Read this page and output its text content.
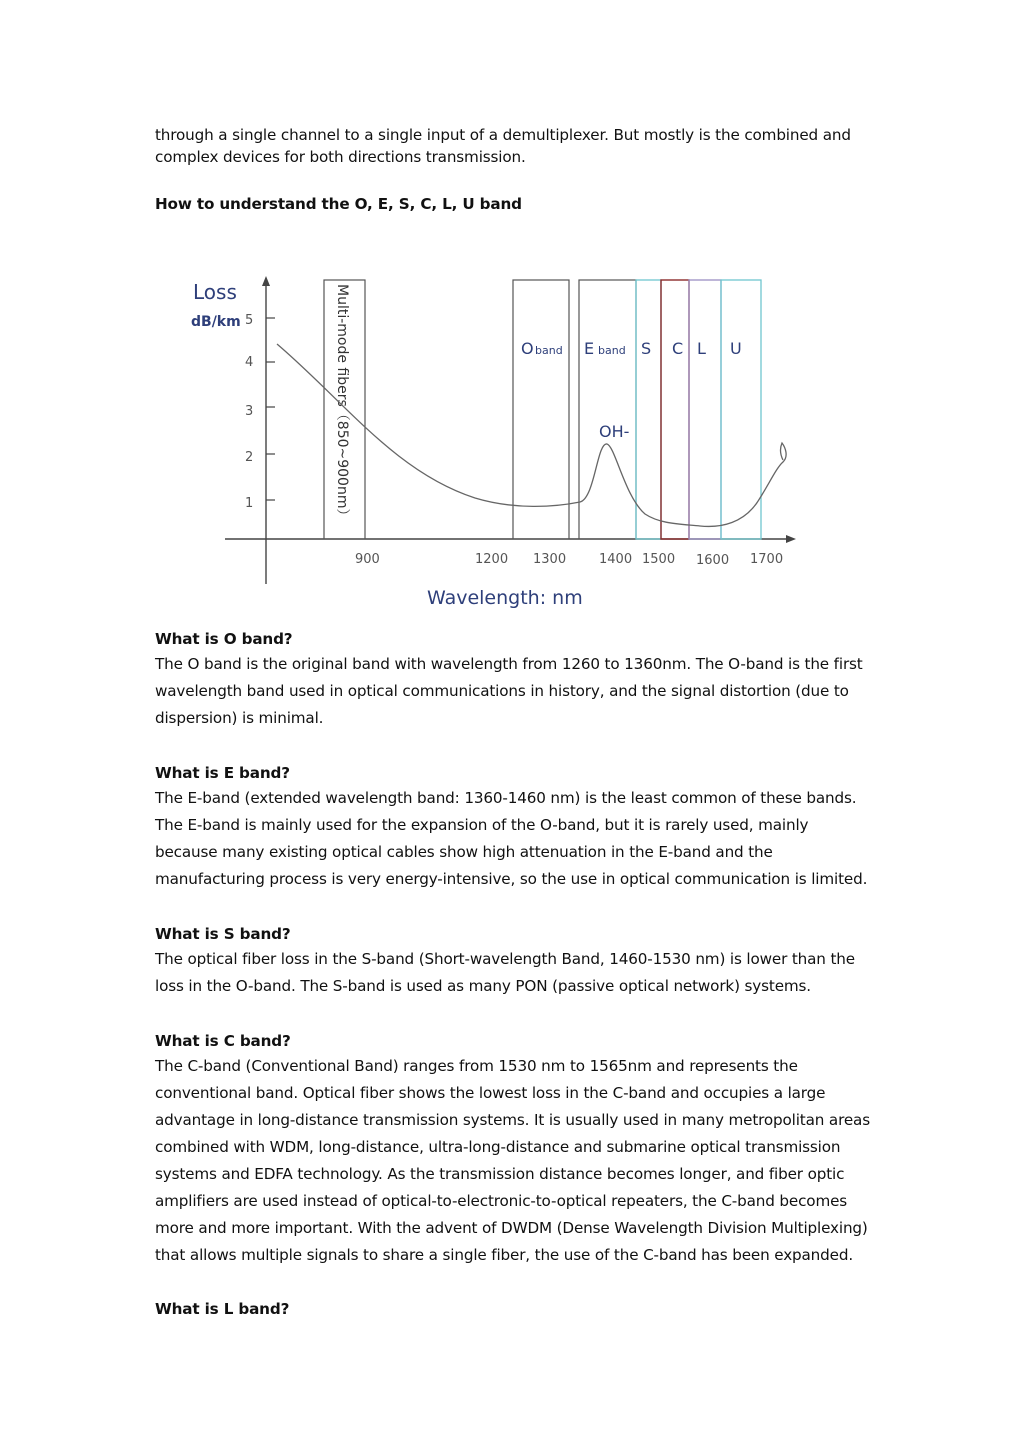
through a single channel to a single input of a demultiplexer. But mostly is the combined and complex devices for both directions transmission.

How to understand the O, E, S, C, L, U band

Loss
dB/km 5
4
3
2
1
900	1200 1300	1400 1500 1600 1700
Wavelength: nm
Multi-mode fibers（850~900nm）	O band E band S C L U
OH-

What is O band?

The O band is the original band with wavelength from 1260 to 1360nm. The O-band is the first wavelength band used in optical communications in history, and the signal distortion (due to dispersion) is minimal.

What is E band?

The E-band (extended wavelength band: 1360-1460 nm) is the least common of these bands. The E-band is mainly used for the expansion of the O-band, but it is rarely used, mainly because many existing optical cables show high attenuation in the E-band and the manufacturing process is very energy-intensive, so the use in optical communication is limited.

What is S band?

The optical fiber loss in the S-band (Short-wavelength Band, 1460-1530 nm) is lower than the loss in the O-band. The S-band is used as many PON (passive optical network) systems.

What is C band?

The C-band (Conventional Band) ranges from 1530 nm to 1565nm and represents the conventional band. Optical fiber shows the lowest loss in the C-band and occupies a large advantage in long-distance transmission systems. It is usually used in many metropolitan areas combined with WDM, long-distance, ultra-long-distance and submarine optical transmission systems and EDFA technology. As the transmission distance becomes longer, and fiber optic amplifiers are used instead of optical-to-electronic-to-optical repeaters, the C-band becomes more and more important. With the advent of DWDM (Dense Wavelength Division Multiplexing) that allows multiple signals to share a single fiber, the use of the C-band has been expanded.

What is L band?
